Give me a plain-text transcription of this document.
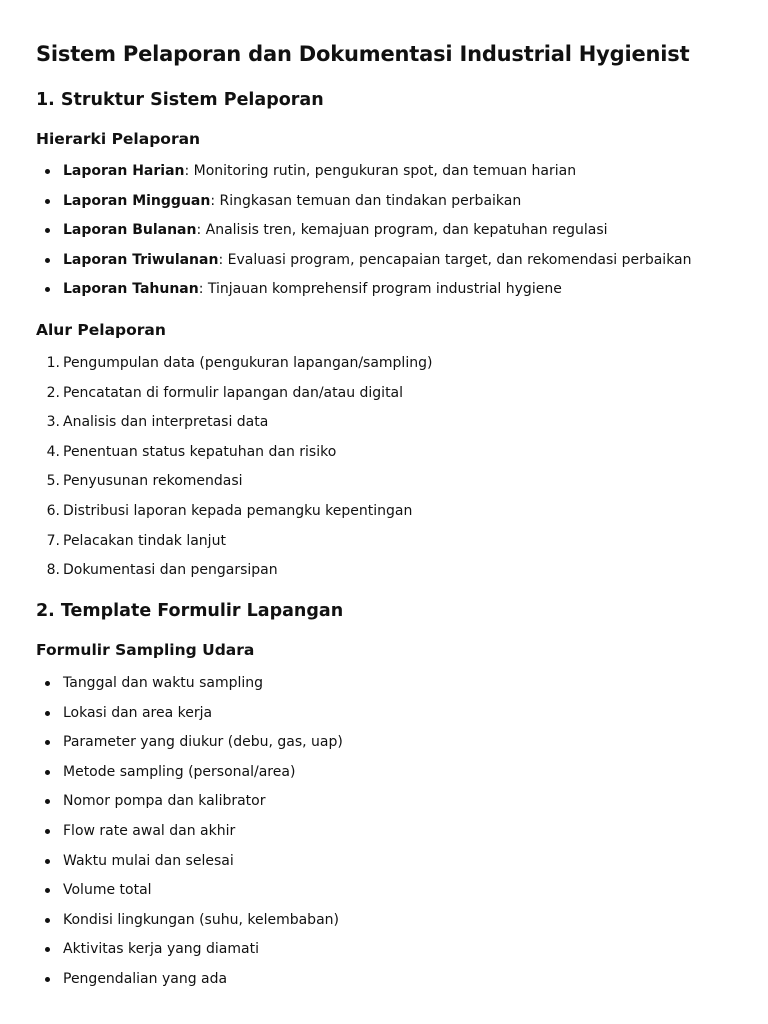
Sistem Pelaporan dan Dokumentasi Industrial Hygienist
1. Struktur Sistem Pelaporan
Hierarki Pelaporan
Laporan Harian: Monitoring rutin, pengukuran spot, dan temuan harian
Laporan Mingguan: Ringkasan temuan dan tindakan perbaikan
Laporan Bulanan: Analisis tren, kemajuan program, dan kepatuhan regulasi
Laporan Triwulanan: Evaluasi program, pencapaian target, dan rekomendasi perbaikan
Laporan Tahunan: Tinjauan komprehensif program industrial hygiene
Alur Pelaporan
1. Pengumpulan data (pengukuran lapangan/sampling)
2. Pencatatan di formulir lapangan dan/atau digital
3. Analisis dan interpretasi data
4. Penentuan status kepatuhan dan risiko
5. Penyusunan rekomendasi
6. Distribusi laporan kepada pemangku kepentingan
7. Pelacakan tindak lanjut
8. Dokumentasi dan pengarsipan
2. Template Formulir Lapangan
Formulir Sampling Udara
Tanggal dan waktu sampling
Lokasi dan area kerja
Parameter yang diukur (debu, gas, uap)
Metode sampling (personal/area)
Nomor pompa dan kalibrator
Flow rate awal dan akhir
Waktu mulai dan selesai
Volume total
Kondisi lingkungan (suhu, kelembaban)
Aktivitas kerja yang diamati
Pengendalian yang ada
